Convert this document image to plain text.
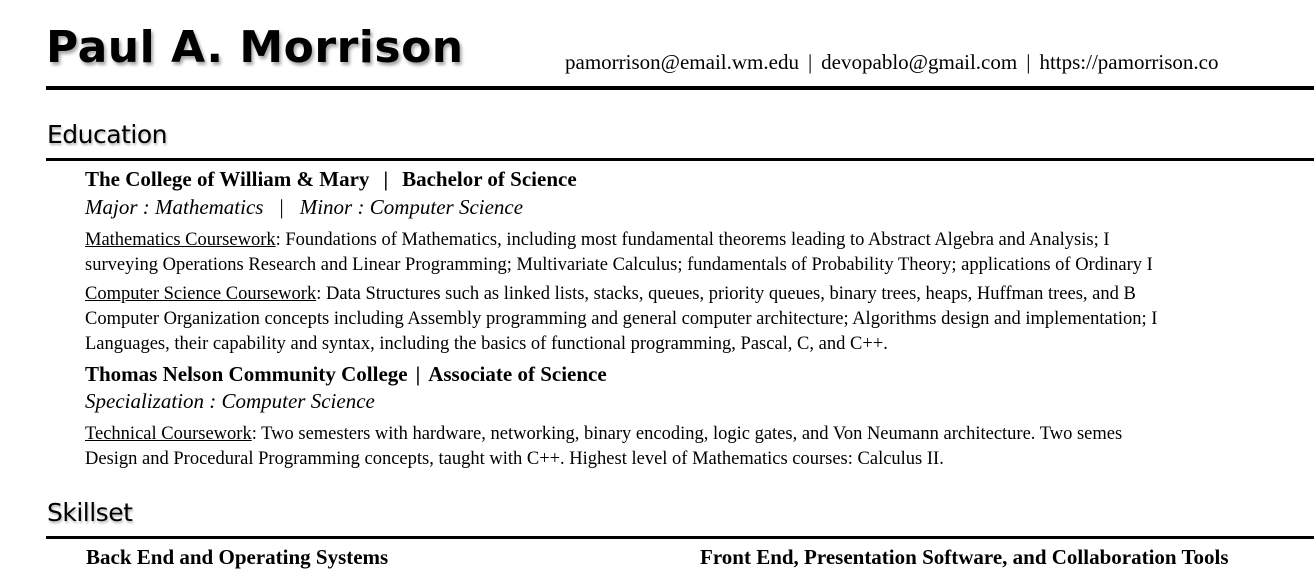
Paul A. Morrison	pamorrison@email.wm.edu | devopablo@gmail.com | https://pamorrison.co
Education
The College of William & Mary | Bachelor of Science
Major : Mathematics | Minor : Computer Science
Mathematics Coursework: Foundations of Mathematics, including most fundamental theorems leading to Abstract Algebra and Analysis; I
surveying Operations Research and Linear Programming; Multivariate Calculus; fundamentals of Probability Theory; applications of Ordinary I
Computer Science Coursework: Data Structures such as linked lists, stacks, queues, priority queues, binary trees, heaps, Huffman trees, and B
Computer Organization concepts including Assembly programming and general computer architecture; Algorithms design and implementation; I
Languages, their capability and syntax, including the basics of functional programming, Pascal, C, and C++.
Thomas Nelson Community College | Associate of Science
Specialization : Computer Science
Technical Coursework: Two semesters with hardware, networking, binary encoding, logic gates, and Von Neumann architecture. Two semes
Design and Procedural Programming concepts, taught with C++. Highest level of Mathematics courses: Calculus II.
Skillset
Back End and Operating Systems	Front End, Presentation Software, and Collaboration Tools
